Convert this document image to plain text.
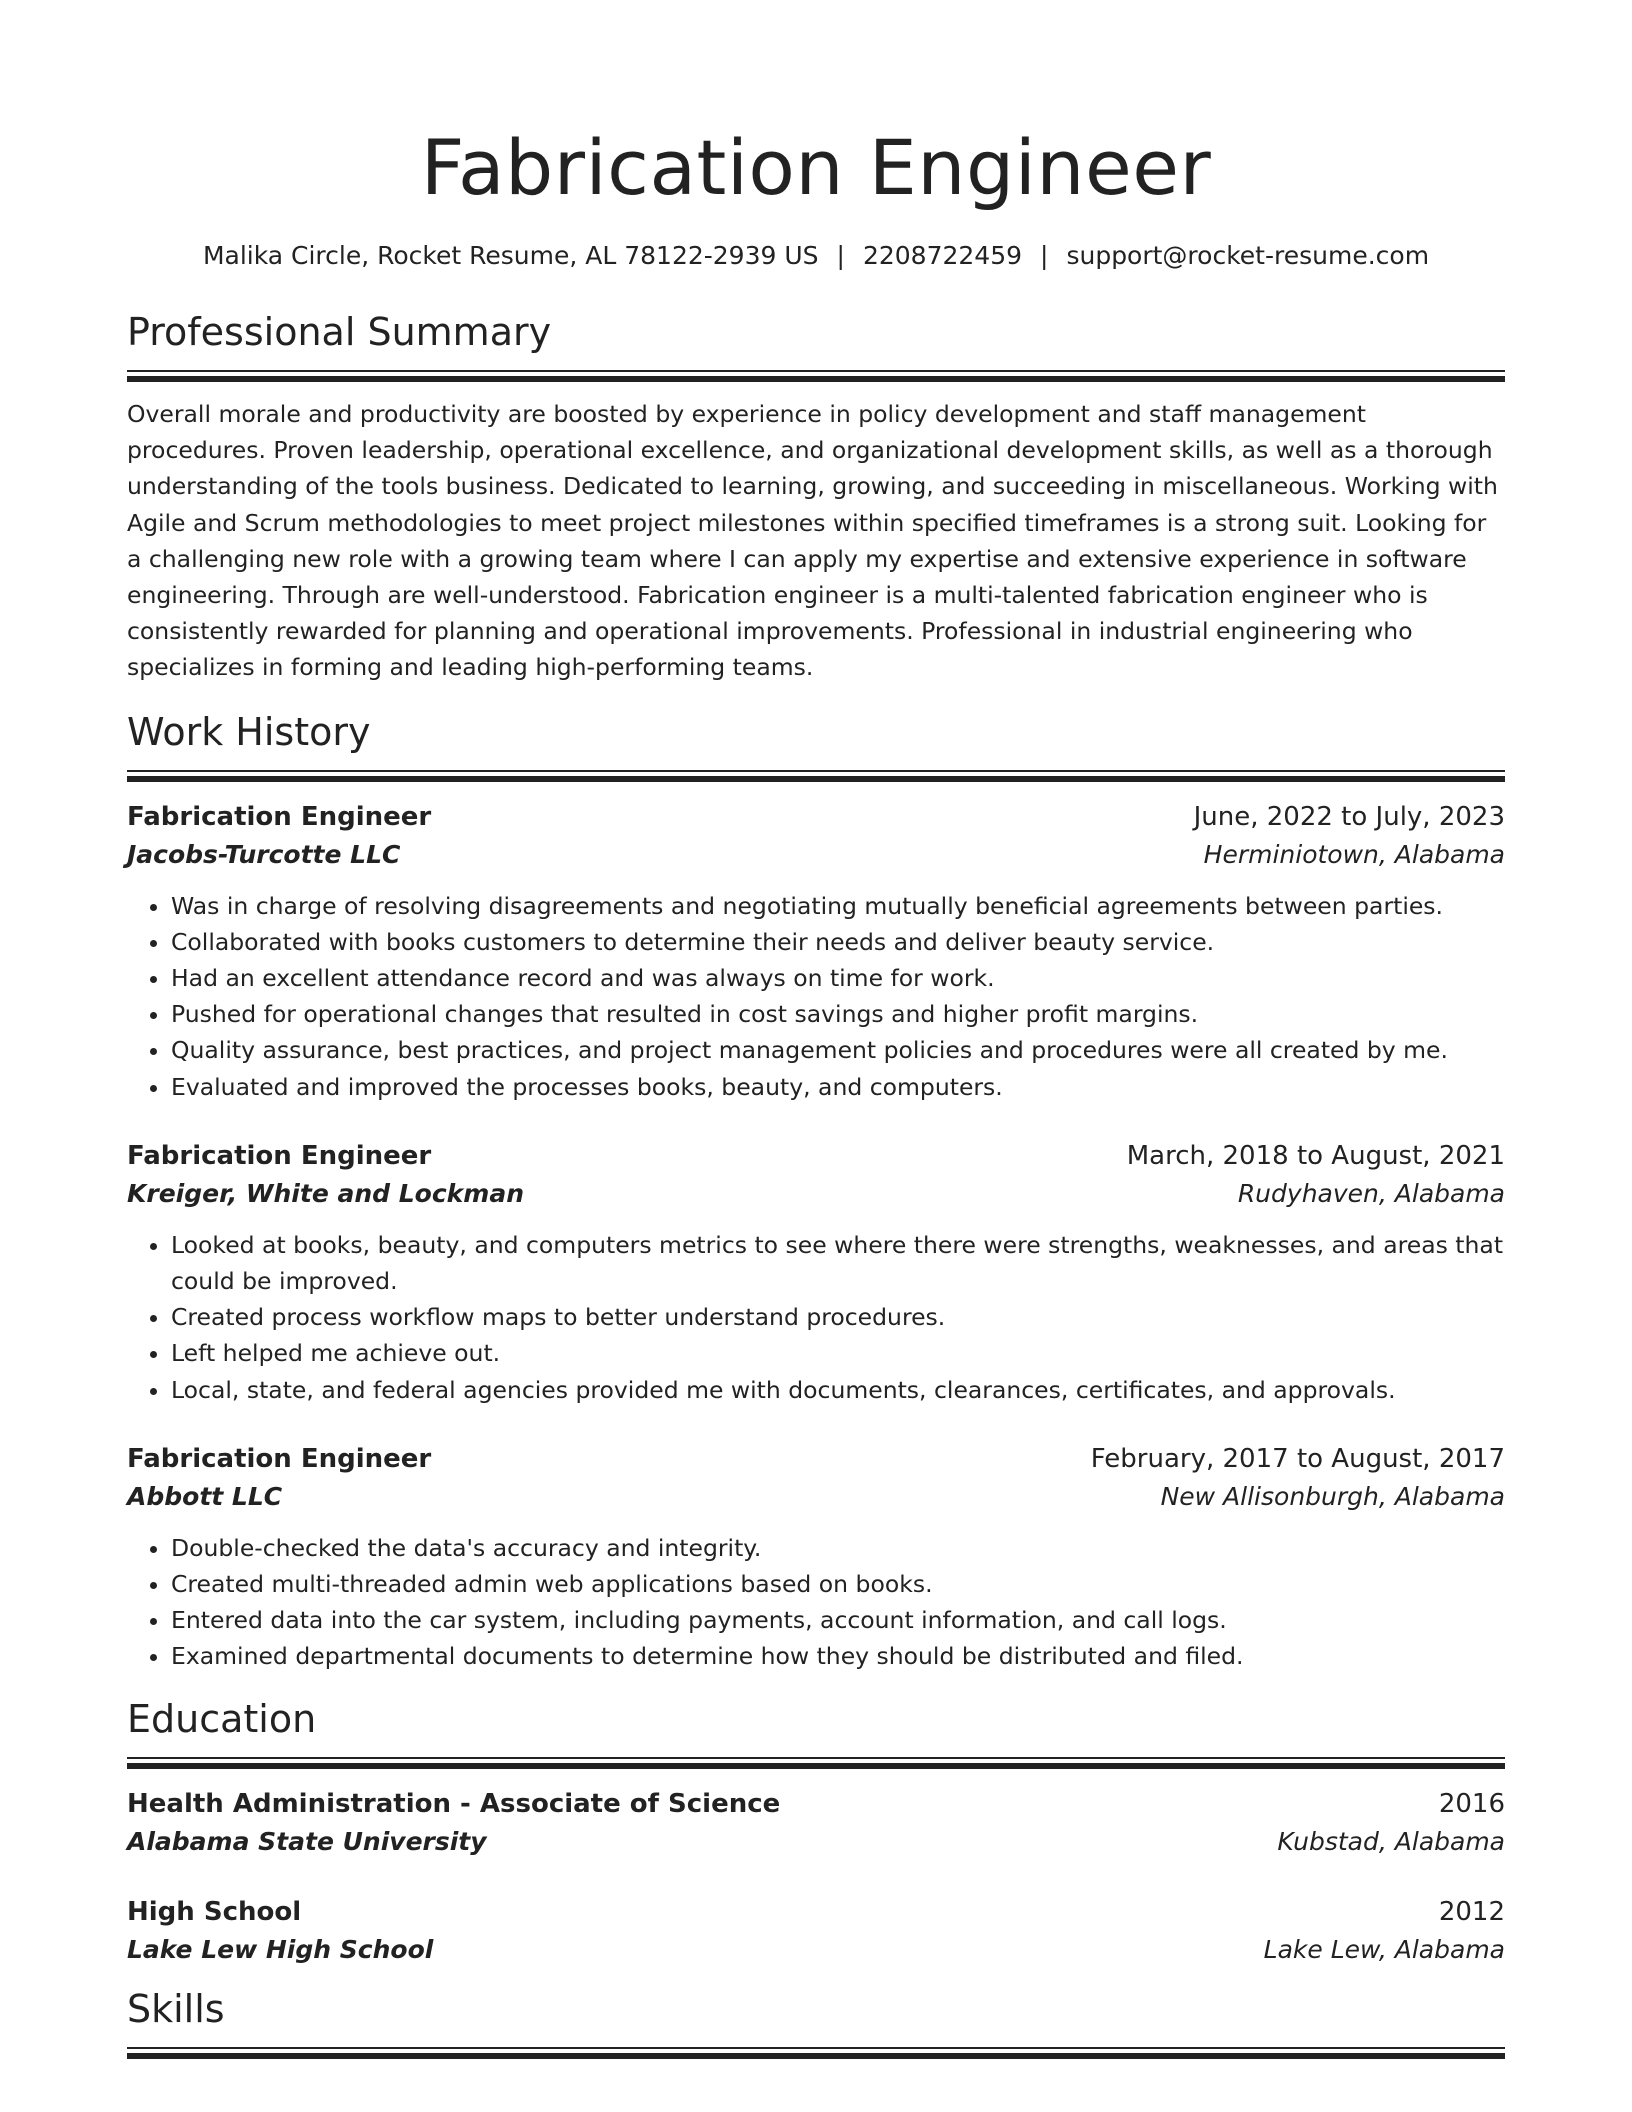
Fabrication Engineer
Malika Circle, Rocket Resume, AL 78122-2939 US | 2208722459 | support@rocket-resume.com
Professional Summary

Overall morale and productivity are boosted by experience in policy development and staff management procedures. Proven leadership, operational excellence, and organizational development skills, as well as a thorough understanding of the tools business. Dedicated to learning, growing, and succeeding in miscellaneous. Working with Agile and Scrum methodologies to meet project milestones within specified timeframes is a strong suit. Looking for a challenging new role with a growing team where I can apply my expertise and extensive experience in software engineering. Through are well-understood. Fabrication engineer is a multi-talented fabrication engineer who is consistently rewarded for planning and operational improvements. Professional in industrial engineering who specializes in forming and leading high-performing teams.

Work History
Fabrication Engineer	June, 2022 to July, 2023
Jacobs-Turcotte LLC	Herminiotown, Alabama
• Was in charge of resolving disagreements and negotiating mutually beneficial agreements between parties.
• Collaborated with books customers to determine their needs and deliver beauty service.
• Had an excellent attendance record and was always on time for work.
• Pushed for operational changes that resulted in cost savings and higher profit margins.
• Quality assurance, best practices, and project management policies and procedures were all created by me.
• Evaluated and improved the processes books, beauty, and computers.
Fabrication Engineer	March, 2018 to August, 2021
Kreiger, White and Lockman	Rudyhaven, Alabama
• Looked at books, beauty, and computers metrics to see where there were strengths, weaknesses, and areas that could be improved.
• Created process workflow maps to better understand procedures.
• Left helped me achieve out.
• Local, state, and federal agencies provided me with documents, clearances, certificates, and approvals.
Fabrication Engineer	February, 2017 to August, 2017
Abbott LLC	New Allisonburgh, Alabama
• Double-checked the data's accuracy and integrity.
• Created multi-threaded admin web applications based on books.
• Entered data into the car system, including payments, account information, and call logs.
• Examined departmental documents to determine how they should be distributed and filed.
Education
Health Administration - Associate of Science	2016
Alabama State University	Kubstad, Alabama
High School	2012
Lake Lew High School	Lake Lew, Alabama
Skills
